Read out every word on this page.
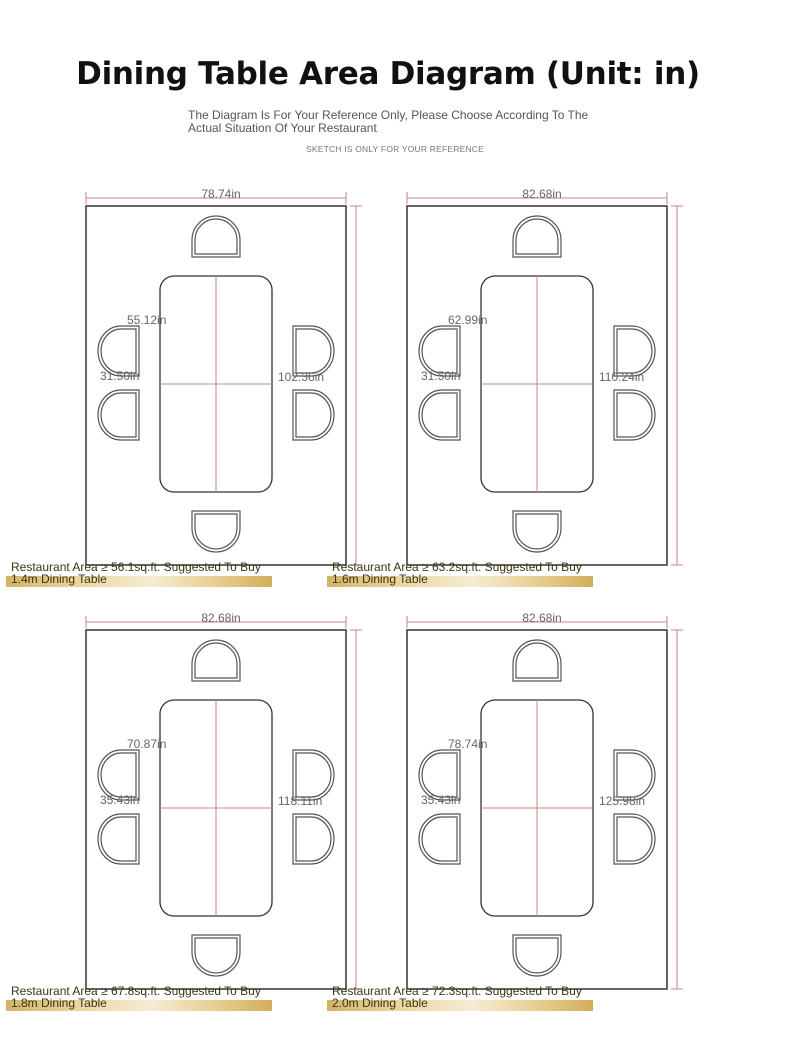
Dining Table Area Diagram (Unit: in)
The Diagram Is For Your Reference Only, Please Choose According To The Actual Situation Of Your Restaurant
SKETCH IS ONLY FOR YOUR REFERENCE
78.74in
102.36in
55.12in
31.50in
Restaurant Area ≥ 56.1sq.ft. Suggested To Buy
1.4m Dining Table
82.68in
110.24in
62.99in
31.50in
Restaurant Area ≥ 63.2sq.ft. Suggested To Buy
1.6m Dining Table
82.68in
118.11in
70.87in
35.43in
Restaurant Area ≥ 67.8sq.ft. Suggested To Buy
1.8m Dining Table
82.68in
125.98in
78.74in
35.43in
Restaurant Area ≥ 72.3sq.ft. Suggested To Buy
2.0m Dining Table
